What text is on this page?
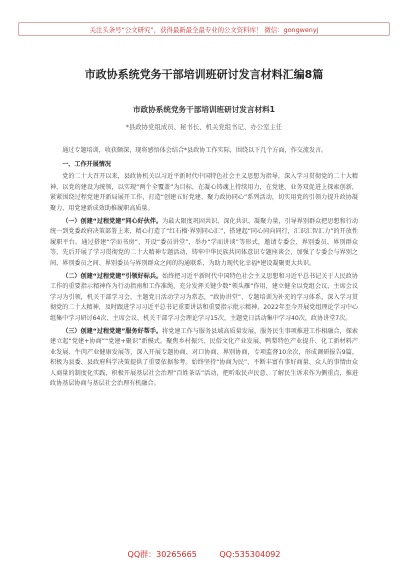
关注头条号“公文研究”，获得最新最全最专业的公文资料库！ 微信：gongwenyj
市政协系统党务干部培训班研讨发言材料汇编8篇
市政协系统党务干部培训班研讨发言材料1
*县政协党组成员、秘书长、机关党组书记、办公室主任

通过专题培训，收获颇深，现将感悟体会结合*县政协工作实际，围绕以下几个方面，作交流发言。

一、工作开展情况

党的二十大召开以来，县政协机关以习近平新时代中国特色社会主义思想为指导，深入学习贯彻党的二十大精神，以党的建设为统领，以实现“两个全覆盖”为目标，在凝心铸魂上持续用力，在党建、业务双促进上探索创新，紧紧围绕过程党建开新局展开工作，打造“创建五好党建、聚力政协同心”系列活动，切实用党的引领力提升政协凝聚力，用党建新成效助推履职高质量。

（一）创建“过程党建”同心好伙伴。为最大限度巩固共识、深化共识、凝聚力量，引导界别群众把思想和行动统一到党委政府决策部署上来，精心打造了“红石榴·界别同心汇”，搭建起“同心同向同行，汇识汇智汇力”的开放性履职平台。通过搭建“学而书房”，开设“委员讲堂”，举办“学而讲谈”等形式，邀请专委会、界别委员、界别群众等，先后开展了学习贯彻党的二十大精神专题活动、铸牢中华民族共同体意识专题座谈会，加强了专委会与界别之间、界别委员之间、界别委员与界别群众之间的沟通联系，为助力现代化幸福*建设凝聚更大共识。

（二）创建“过程党建”引领好标兵。始终把习近平新时代中国特色社会主义思想和习近平总书记关于人民政协工作的重要指示精神作为行动指南和工作准绳，充分发挥关键少数“领头雁”作用，建立健全以党组会议、主席会议学习为引领，机关干部学习会、主题党日活动学习为常态，“政协讲堂”、专题培训为补充的学习体系，深入学习贯彻党的二十大精神，及时跟进学习习近平总书记重要讲话和重要指示批示精神，2022年至今开展党组理论学习中心组集中学习研讨64次、主席会议、机关干部学习会理论学习15次，主题党日活动集中学习40次，政协讲堂7次。

（三）创建“过程党建”服务好帮手。将党建工作与服务县域高质量发展、服务民生事项推进工作相融合，探索建立起“党建+协商”“党建+聚识”新模式。聚焦乡村振兴、民俗文化产业发展、鸭梨特色产业提升、化工新材料产业发展、牛肉产业健康发展等，深入开展专题协商、对口协商、界别协商，专项监督10余次，形成调研报告9篇，积极为县委、县政府科学决策提供了重要依据参考。始终坚持“协商为民”，不断丰富有事好商量、众人的事情由众人商量的制度化实践，积极开展基层社会治理“百姓茶话”活动，把听取民声民意、了解民生诉求作为侧重点，推进政协基层协商与基层社会治理有机融合。

QQ群：30265665	QQ:535304092
